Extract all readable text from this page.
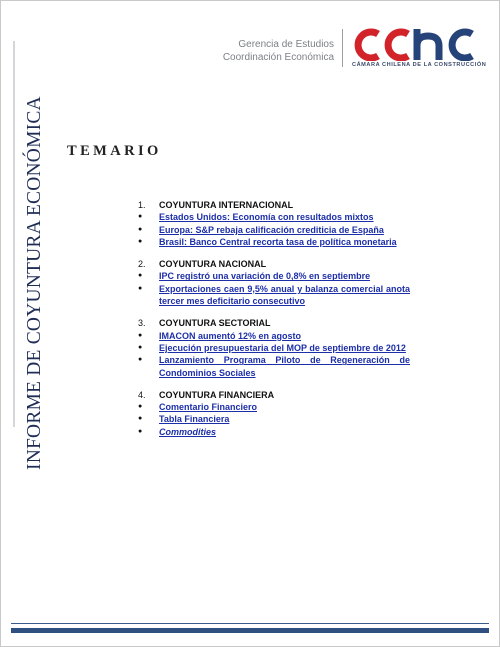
INFORME DE COYUNTURA ECONÓMICA
Gerencia de Estudios
Coordinación Económica
CÁMARA CHILENA DE LA CONSTRUCCIÓN
TEMARIO
1.	COYUNTURA INTERNACIONAL
●	Estados Unidos: Economía con resultados mixtos
●	Europa: S&P rebaja calificación crediticia de España
●	Brasil: Banco Central recorta tasa de política monetaria
2.	COYUNTURA NACIONAL
●	IPC registró una variación de 0,8% en septiembre
●	Exportaciones caen 9,5% anual y balanza comercial anota tercer mes deficitario consecutivo
3.	COYUNTURA SECTORIAL
●	IMACON aumentó 12% en agosto
●	Ejecución presupuestaria del MOP de septiembre de 2012
●	Lanzamiento Programa Piloto de Regeneración de Condominios Sociales
4.	COYUNTURA FINANCIERA
●	Comentario Financiero
●	Tabla Financiera
●	Commodities
